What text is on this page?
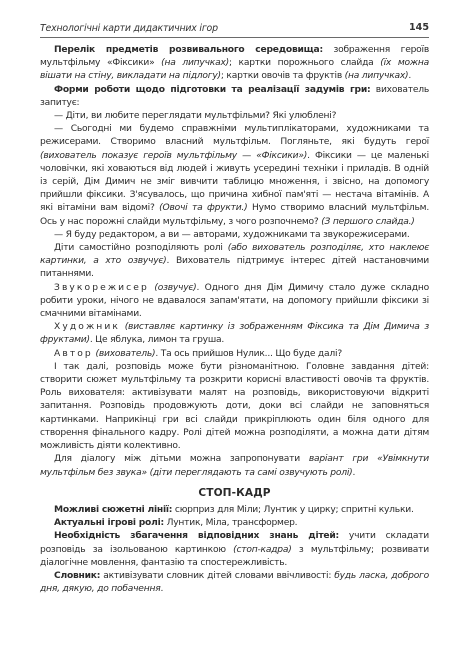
Технологічні карти дидактичних ігор	145

Перелік предметів розвивального середовища: зображення героїв мультфільму «Фіксики» (на липучках); картки порожнього слайда (їх можна вішати на стіну, викладати на підлогу); картки овочів та фруктів (на липучках).

Форми роботи щодо підготовки та реалізації задумів гри: вихователь запитує:

— Діти, ви любите переглядати мультфільми? Які улюблені?

— Сьогодні ми будемо справжніми мультиплікаторами, художниками та режисерами. Створимо власний мультфільм. Погляньте, які будуть герої (вихователь показує героїв мультфільму — «Фіксики»). Фіксики — це маленькі чоловічки, які ховаються від людей і живуть усередині техніки і приладів. В одній із серій, Дім Димич не зміг вивчити таблицю множення, і звісно, на допомогу прийшли фіксики. З'ясувалось, що причина хибної пам'яті — нестача вітамінів. А які вітаміни вам відомі? (Овочі та фрукти.) Нумо створимо власний мультфільм. Ось у нас порожні слайди мультфільму, з чого розпочнемо? (З першого слайда.)

— Я буду редактором, а ви — авторами, художниками та звукорежисерами.

Діти самостійно розподіляють ролі (або вихователь розподіляє, хто наклеює картинки, а хто озвучує). Вихователь підтримує інтерес дітей настановчими питаннями.

Звукорежисер (озвучує). Одного дня Дім Димичу стало дуже складно робити уроки, нічого не вдавалося запам'ятати, на допомогу прийшли фіксики зі смачними вітамінами.

Художник (виставляє картинку із зображенням Фіксика та Дім Димича з фруктами). Це яблука, лимон та груша.

Автор (вихователь). Та ось прийшов Нулик... Що буде далі?

І так далі, розповідь може бути різноманітною. Головне завдання дітей: створити сюжет мультфільму та розкрити корисні властивості овочів та фруктів. Роль вихователя: активізувати малят на розповідь, використовуючи відкриті запитання. Розповідь продовжують доти, доки всі слайди не заповняться картинками. Наприкінці гри всі слайди прикріплюють один біля одного для створення фінального кадру. Ролі дітей можна розподіляти, а можна дати дітям можливість діяти колективно.

Для діалогу між дітьми можна запропонувати варіант гри «Увімкнути мультфільм без звука» (діти переглядають та самі озвучують ролі).

СТОП-КАДР

Можливі сюжетні лінії: сюрприз для Міли; Лунтик у цирку; спритні кульки.

Актуальні ігрові ролі: Лунтик, Міла, трансформер.

Необхідність збагачення відповідних знань дітей: учити складати розповідь за ізольованою картинкою (стоп-кадра) з мультфільму; розвивати діалогічне мовлення, фантазію та спостережливість.

Словник: активізувати словник дітей словами ввічливості: будь ласка, доброго дня, дякую, до побачення.
